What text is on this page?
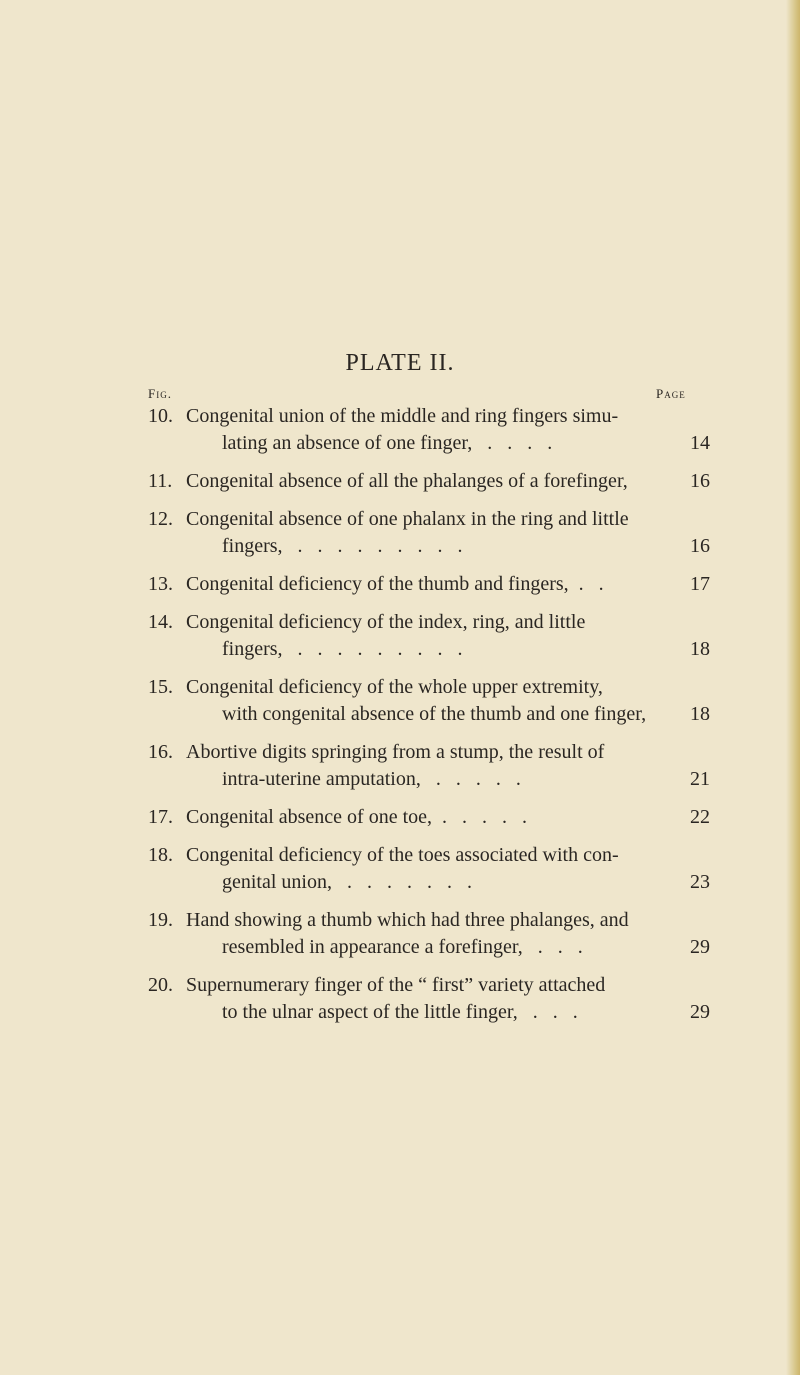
PLATE II.
Fig.	Page
10. Congenital union of the middle and ring fingers simu-
lating an absence of one finger,   .   .   .   .	14
11. Congenital absence of all the phalanges of a forefinger,	16
12. Congenital absence of one phalanx in the ring and little
fingers,   .   .   .   .   .   .   .   .   .	16
13. Congenital deficiency of the thumb and fingers,  .   .	17
14. Congenital deficiency of the index, ring, and little
fingers,   .   .   .   .   .   .   .   .   .	18
15. Congenital deficiency of the whole upper extremity,
with congenital absence of the thumb and one finger,	18
16. Abortive digits springing from a stump, the result of
intra-uterine amputation,   .   .   .   .   .	21
17. Congenital absence of one toe,  .   .   .   .   .	22
18. Congenital deficiency of the toes associated with con-
genital union,   .   .   .   .   .   .   .	23
19. Hand showing a thumb which had three phalanges, and
resembled in appearance a forefinger,   .   .   .	29
20. Supernumerary finger of the “ first” variety attached
to the ulnar aspect of the little finger,   .   .   .	29
